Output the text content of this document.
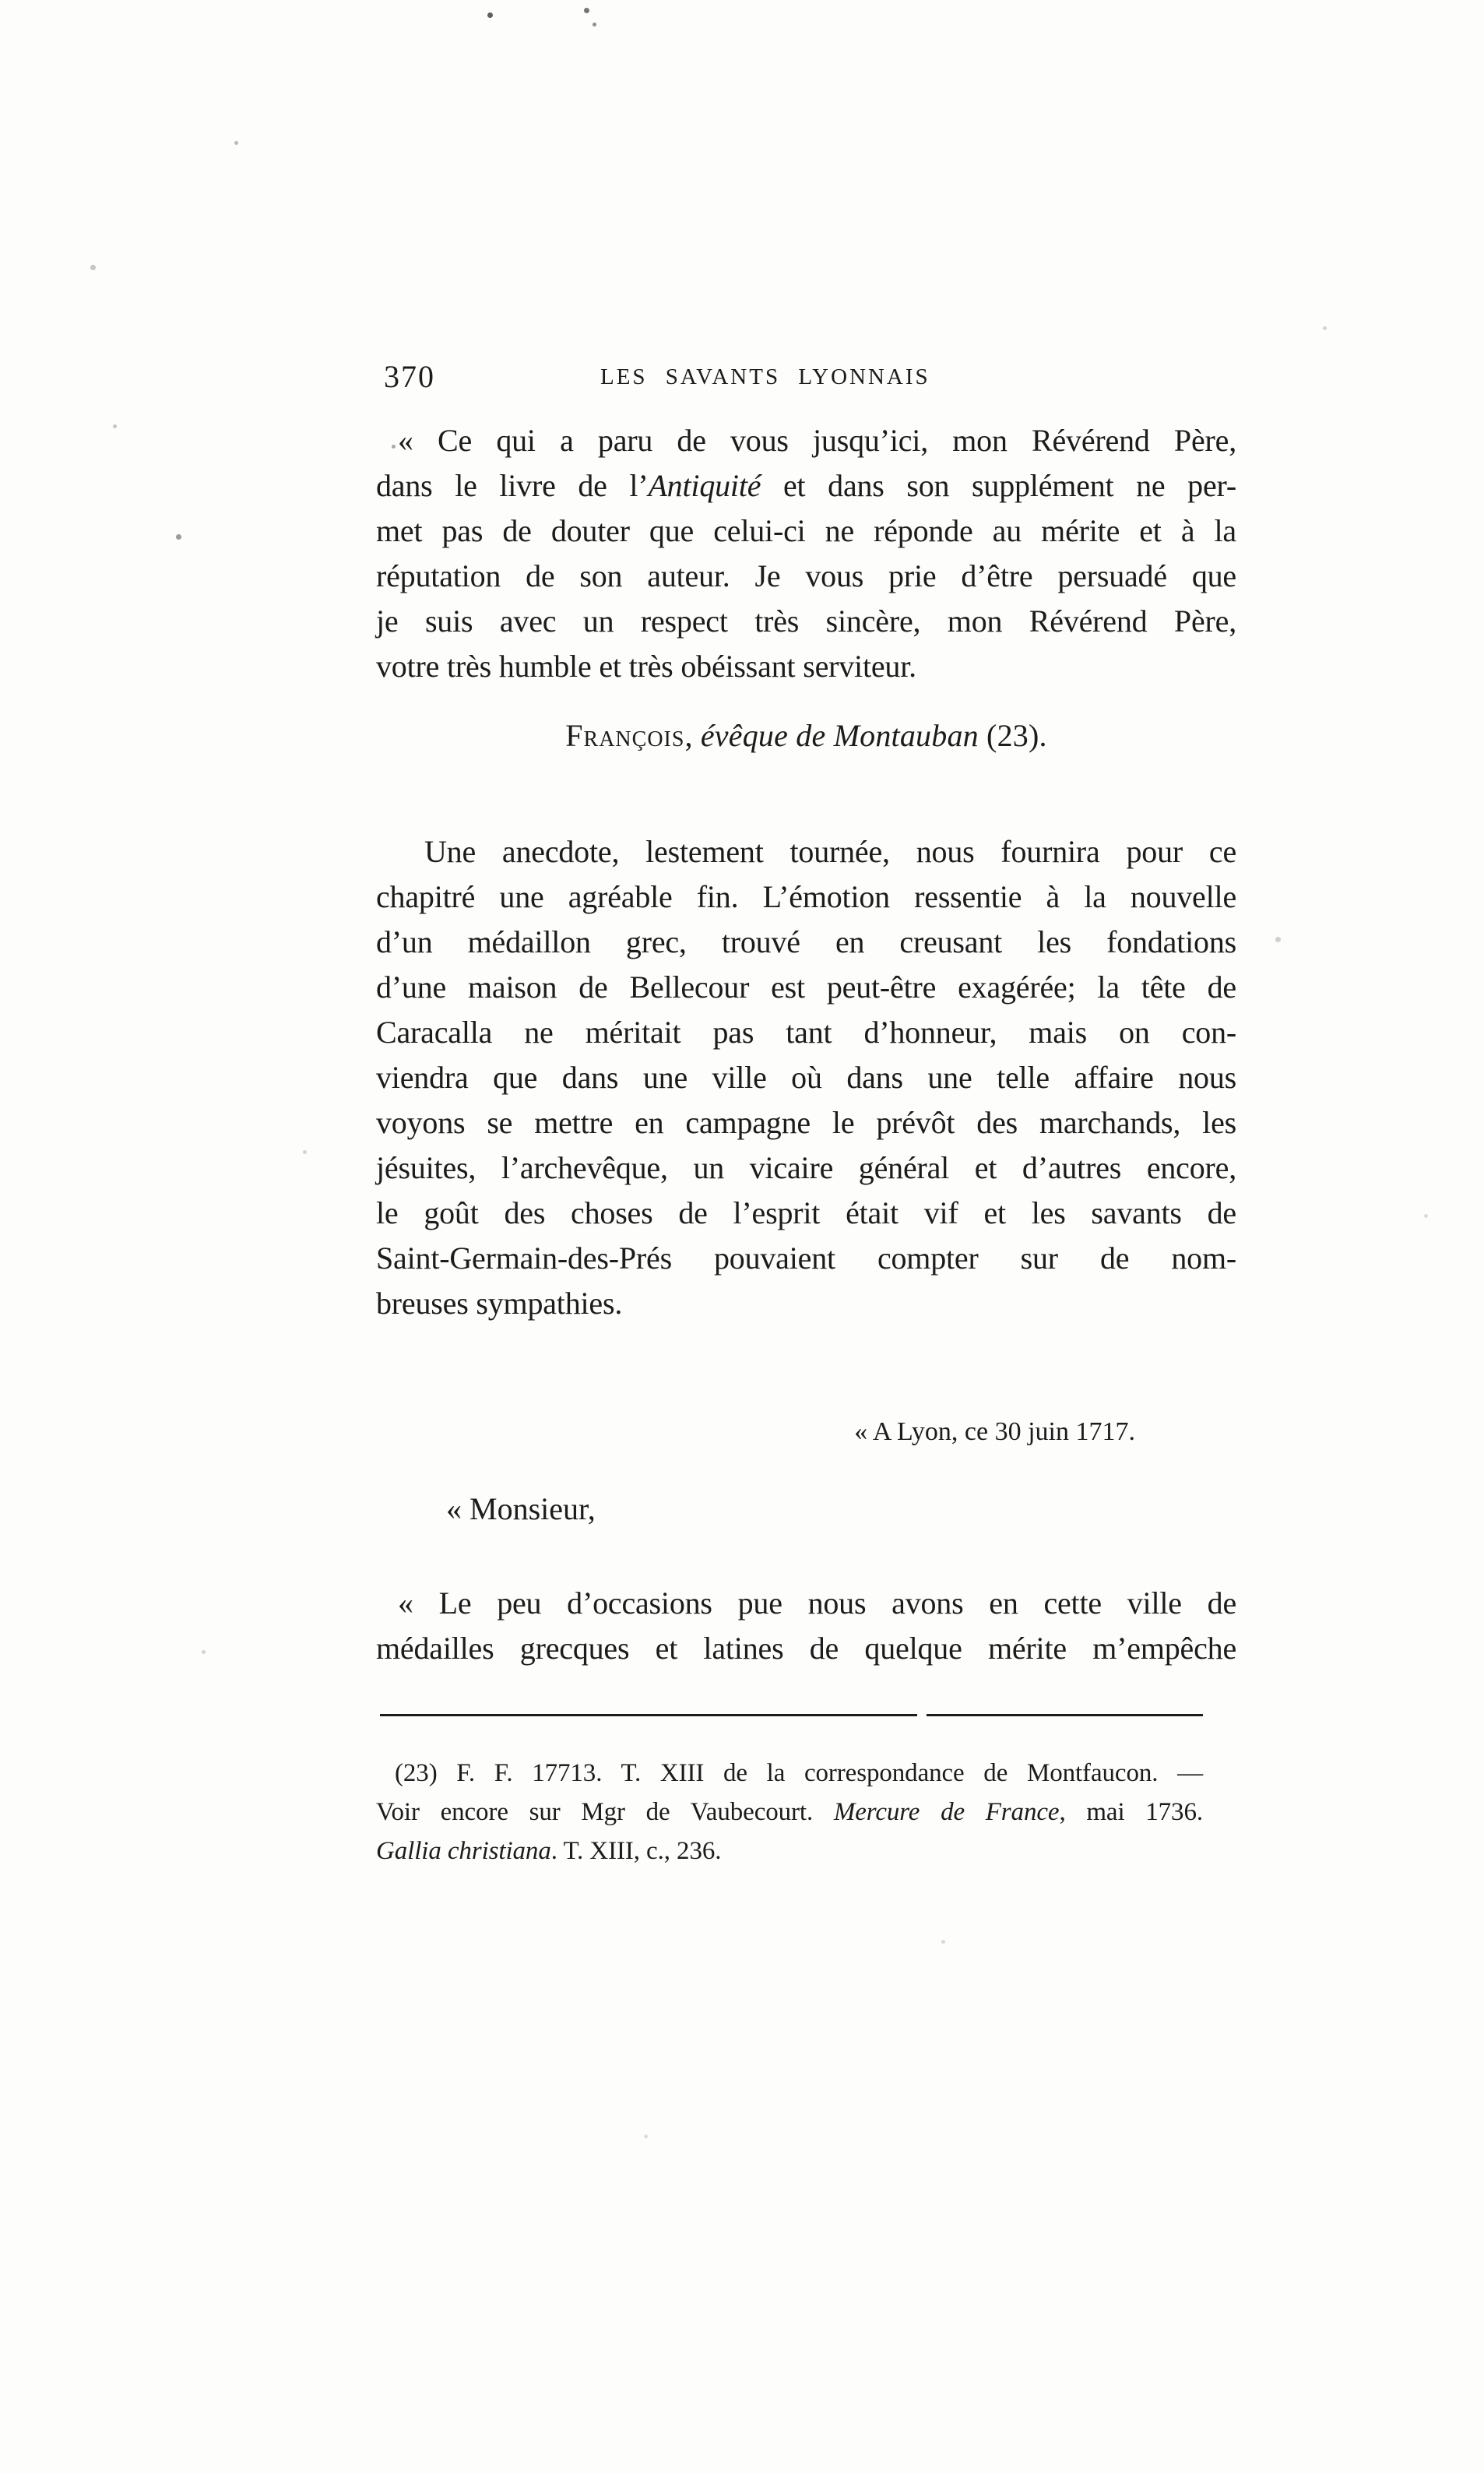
370	LES SAVANTS LYONNAIS

« Ce qui a paru de vous jusqu’ici, mon Révérend Père,

dans le livre de l’Antiquité et dans son supplément ne per-

met pas de douter que celui-ci ne réponde au mérite et à la

réputation de son auteur. Je vous prie d’être persuadé que

je suis avec un respect très sincère, mon Révérend Père,

votre très humble et très obéissant serviteur.

François, évêque de Montauban (23).

Une anecdote, lestement tournée, nous fournira pour ce

chapitré une agréable fin. L’émotion ressentie à la nouvelle

d’un médaillon grec, trouvé en creusant les fondations

d’une maison de Bellecour est peut-être exagérée; la tête de

Caracalla ne méritait pas tant d’honneur, mais on con-

viendra que dans une ville où dans une telle affaire nous

voyons se mettre en campagne le prévôt des marchands, les

jésuites, l’archevêque, un vicaire général et d’autres encore,

le goût des choses de l’esprit était vif et les savants de

Saint-Germain-des-Prés pouvaient compter sur de nom-

breuses sympathies.

« A Lyon, ce 30 juin 1717.
« Monsieur,

« Le peu d’occasions pue nous avons en cette ville de

médailles grecques et latines de quelque mérite m’empêche

(23) F. F. 17713. T. XIII de la correspondance de Montfaucon. —

Voir encore sur Mgr de Vaubecourt. Mercure de France, mai 1736.

Gallia christiana. T. XIII, c., 236.
